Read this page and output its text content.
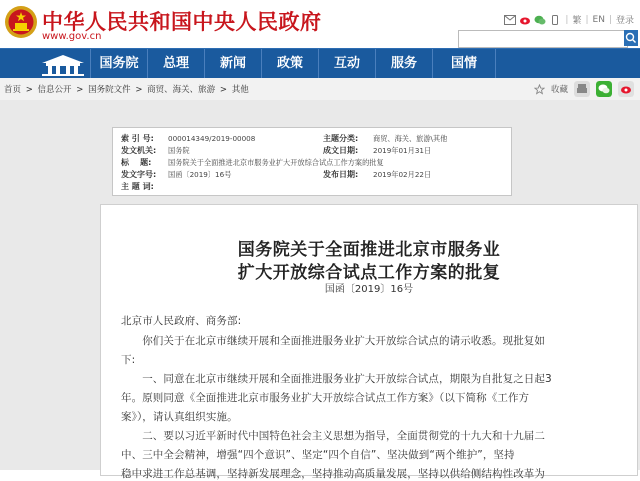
中华人民共和国中央人民政府
www.gov.cn
| 繁 | EN | 登录
国务院	总理	新闻	政策	互动	服务	国情
首页 > 信息公开 > 国务院文件 > 商贸、海关、旅游 > 其他	收藏
索 引 号: 000014349/2019-00008	主题分类: 商贸、海关、旅游\其他
发文机关: 国务院	成文日期: 2019年01月31日
标    题: 国务院关于全面推进北京市服务业扩大开放综合试点工作方案的批复
发文字号: 国函〔2019〕16号	发布日期: 2019年02月22日
主 题 词:
国务院关于全面推进北京市服务业
扩大开放综合试点工作方案的批复
国函〔2019〕16号
北京市人民政府、商务部:
　　你们关于在北京市继续开展和全面推进服务业扩大开放综合试点的请示收悉。现批复如
下:
　　一、同意在北京市继续开展和全面推进服务业扩大开放综合试点，期限为自批复之日起3
年。原则同意《全面推进北京市服务业扩大开放综合试点工作方案》（以下简称《工作方
案》），请认真组织实施。
　　二、要以习近平新时代中国特色社会主义思想为指导，全面贯彻党的十九大和十九届二
中、三中全会精神，增强“四个意识”、坚定“四个自信”、坚决做到“两个维护”，坚持
稳中求进工作总基调，坚持新发展理念，坚持推动高质量发展，坚持以供给侧结构性改革为
